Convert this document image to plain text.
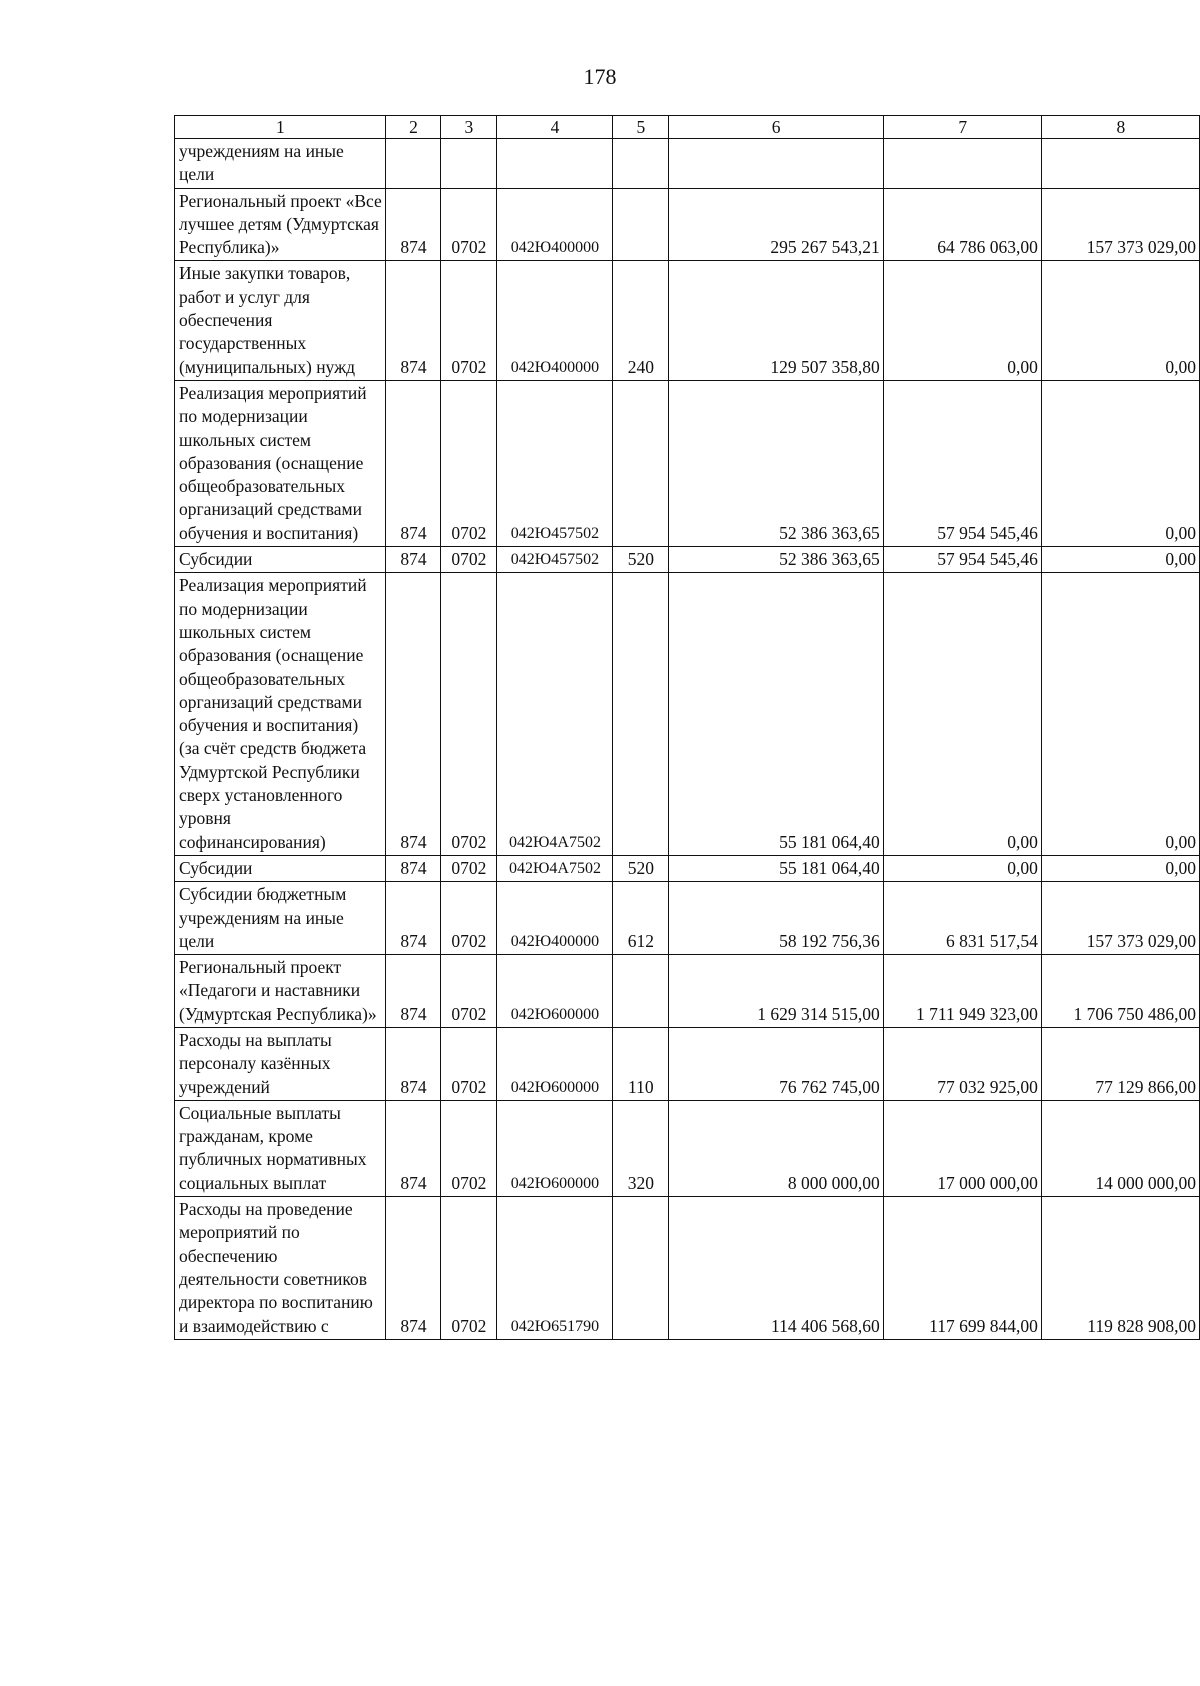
178
1	2	3	4	5	6	7	8
учреждениям на иные цели							
Региональный проект «Все лучшее детям (Удмуртская Республика)»	874	0702	042Ю400000		295 267 543,21	64 786 063,00	157 373 029,00
Иные закупки товаров, работ и услуг для обеспечения государственных (муниципальных) нужд	874	0702	042Ю400000	240	129 507 358,80	0,00	0,00
Реализация мероприятий по модернизации школьных систем образования (оснащение общеобразовательных организаций средствами обучения и воспитания)	874	0702	042Ю457502		52 386 363,65	57 954 545,46	0,00
Субсидии	874	0702	042Ю457502	520	52 386 363,65	57 954 545,46	0,00
Реализация мероприятий по модернизации школьных систем образования (оснащение общеобразовательных организаций средствами обучения и воспитания) (за счёт средств бюджета Удмуртской Республики сверх установленного уровня софинансирования)	874	0702	042Ю4А7502		55 181 064,40	0,00	0,00
Субсидии	874	0702	042Ю4А7502	520	55 181 064,40	0,00	0,00
Субсидии бюджетным учреждениям на иные цели	874	0702	042Ю400000	612	58 192 756,36	6 831 517,54	157 373 029,00
Региональный проект «Педагоги и наставники (Удмуртская Республика)»	874	0702	042Ю600000		1 629 314 515,00	1 711 949 323,00	1 706 750 486,00
Расходы на выплаты персоналу казённых учреждений	874	0702	042Ю600000	110	76 762 745,00	77 032 925,00	77 129 866,00
Социальные выплаты гражданам, кроме публичных нормативных социальных выплат	874	0702	042Ю600000	320	8 000 000,00	17 000 000,00	14 000 000,00
Расходы на проведение мероприятий по обеспечению деятельности советников директора по воспитанию и взаимодействию с	874	0702	042Ю651790		114 406 568,60	117 699 844,00	119 828 908,00
